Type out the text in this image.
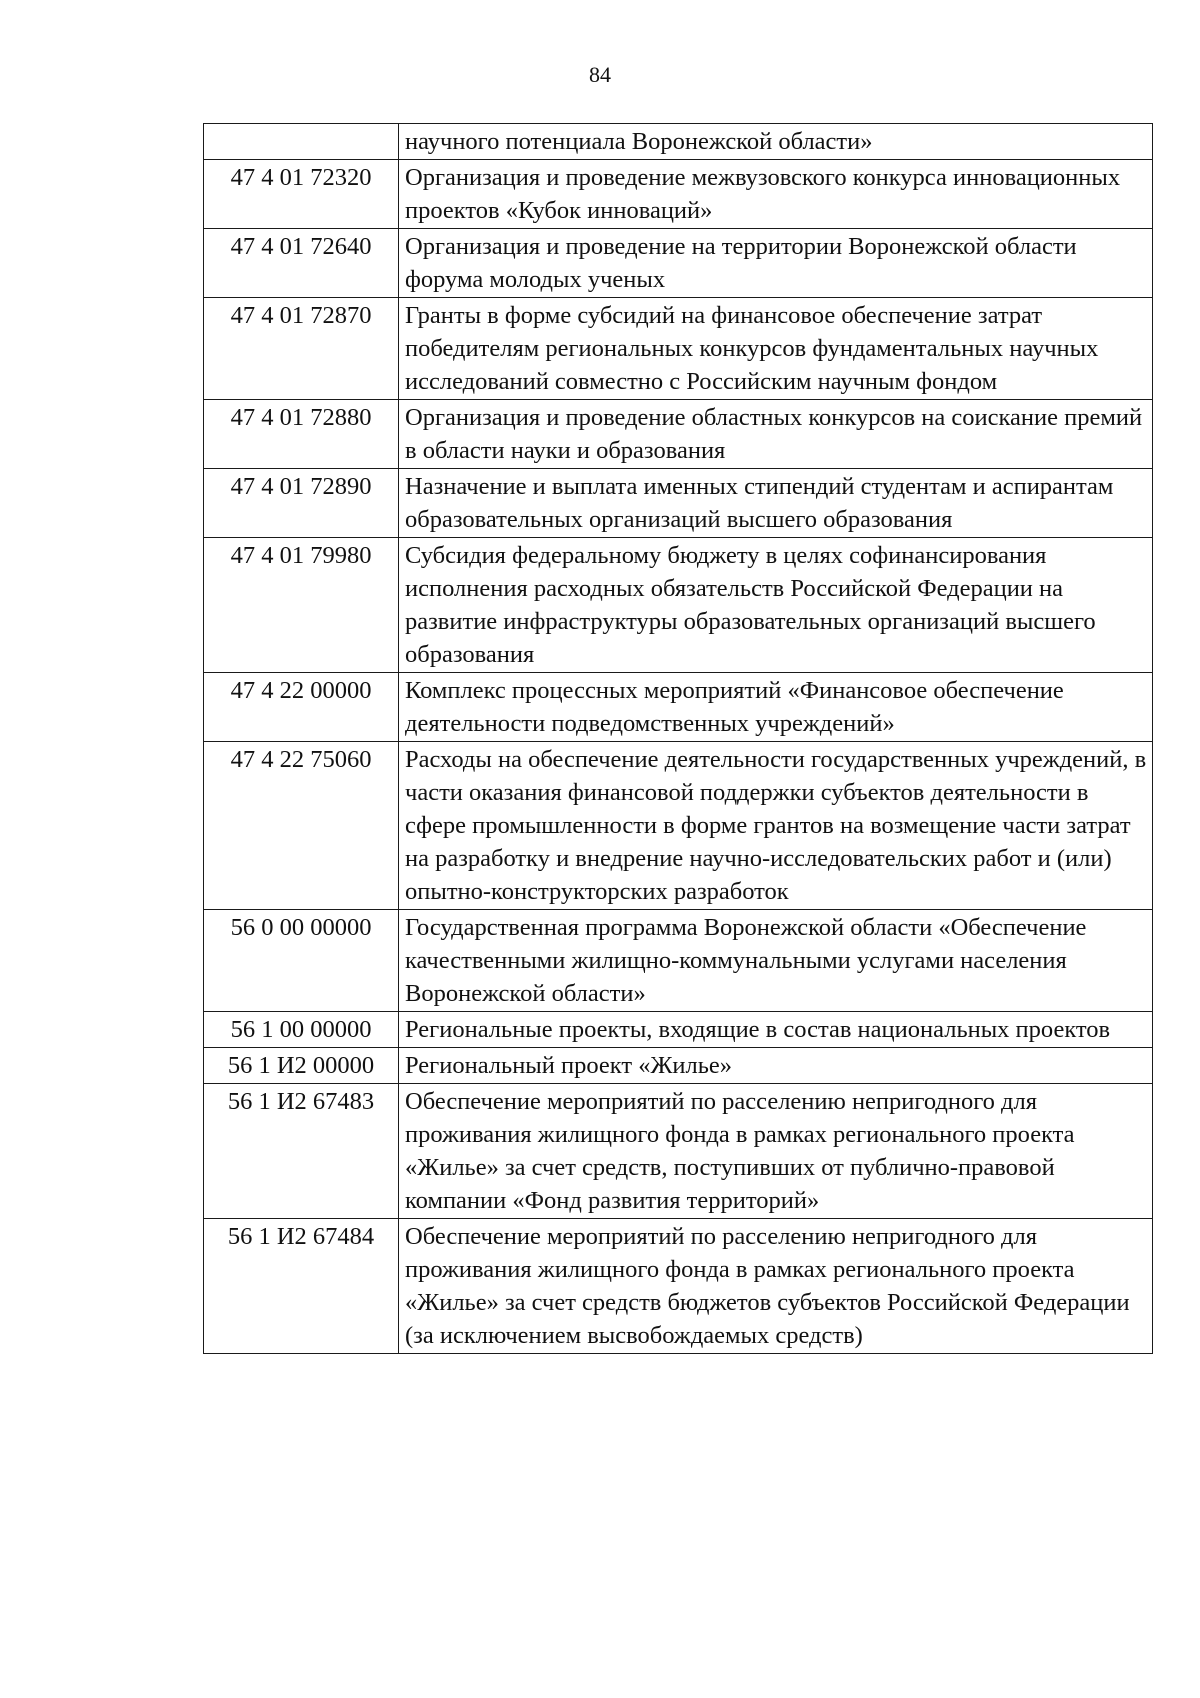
84
	научного потенциала Воронежской области»
47 4 01 72320	Организация и проведение межвузовского конкурса инновационных проектов «Кубок инноваций»
47 4 01 72640	Организация и проведение на территории Воронежской области форума молодых ученых
47 4 01 72870	Гранты в форме субсидий на финансовое обеспечение затрат победителям региональных конкурсов фундаментальных научных исследований совместно с Российским научным фондом
47 4 01 72880	Организация и проведение областных конкурсов на соискание премий в области науки и образования
47 4 01 72890	Назначение и выплата именных стипендий студентам и аспирантам образовательных организаций высшего образования
47 4 01 79980	Субсидия федеральному бюджету в целях софинансирования исполнения расходных обязательств Российской Федерации на развитие инфраструктуры образовательных организаций высшего образования
47 4 22 00000	Комплекс процессных мероприятий «Финансовое обеспечение деятельности подведомственных учреждений»
47 4 22 75060	Расходы на обеспечение деятельности государственных учреждений, в части оказания финансовой поддержки субъектов деятельности в сфере промышленности в форме грантов на возмещение части затрат на разработку и внедрение научно-исследовательских работ и (или) опытно-конструкторских разработок
56 0 00 00000	Государственная программа Воронежской области «Обеспечение качественными жилищно-коммунальными услугами населения Воронежской области»
56 1 00 00000	Региональные проекты, входящие в состав национальных проектов
56 1 И2 00000	Региональный проект «Жилье»
56 1 И2 67483	Обеспечение мероприятий по расселению непригодного для проживания жилищного фонда в рамках регионального проекта «Жилье» за счет средств, поступивших от публично-правовой компании «Фонд развития территорий»
56 1 И2 67484	Обеспечение мероприятий по расселению непригодного для проживания жилищного фонда в рамках регионального проекта «Жилье» за счет средств бюджетов субъектов Российской Федерации (за исключением высвобождаемых средств)
